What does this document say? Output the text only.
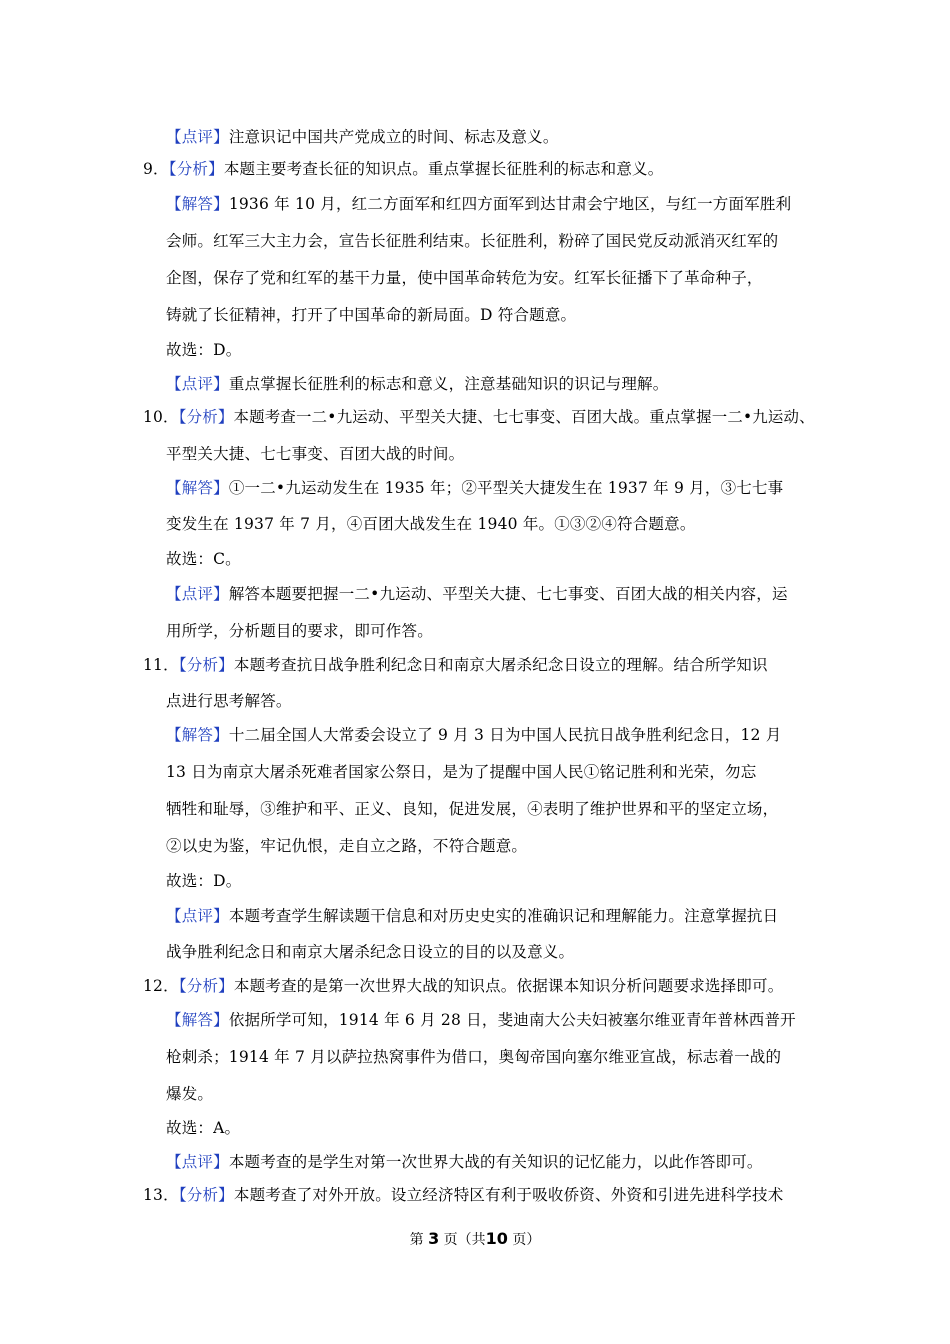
【点评】注意识记中国共产党成立的时间、标志及意义。
9．【分析】本题主要考查长征的知识点。重点掌握长征胜利的标志和意义。
【解答】1936 年 10 月，红二方面军和红四方面军到达甘肃会宁地区，与红一方面军胜利
会师。红军三大主力会，宣告长征胜利结束。长征胜利，粉碎了国民党反动派消灭红军的
企图，保存了党和红军的基干力量，使中国革命转危为安。红军长征播下了革命种子，
铸就了长征精神，打开了中国革命的新局面。D 符合题意。
故选：D。
【点评】重点掌握长征胜利的标志和意义，注意基础知识的识记与理解。
10．【分析】本题考查一二•九运动、平型关大捷、七七事变、百团大战。重点掌握一二•九运动、
平型关大捷、七七事变、百团大战的时间。
【解答】①一二•九运动发生在 1935 年；②平型关大捷发生在 1937 年 9 月，③七七事
变发生在 1937 年 7 月，④百团大战发生在 1940 年。①③②④符合题意。
故选：C。
【点评】解答本题要把握一二•九运动、平型关大捷、七七事变、百团大战的相关内容，运
用所学，分析题目的要求，即可作答。
11．【分析】本题考查抗日战争胜利纪念日和南京大屠杀纪念日设立的理解。结合所学知识
点进行思考解答。
【解答】十二届全国人大常委会设立了 9 月 3 日为中国人民抗日战争胜利纪念日，12 月
13 日为南京大屠杀死难者国家公祭日，是为了提醒中国人民①铭记胜利和光荣，勿忘
牺牲和耻辱，③维护和平、正义、良知，促进发展，④表明了维护世界和平的坚定立场，
②以史为鉴，牢记仇恨，走自立之路，不符合题意。
故选：D。
【点评】本题考查学生解读题干信息和对历史史实的准确识记和理解能力。注意掌握抗日
战争胜利纪念日和南京大屠杀纪念日设立的目的以及意义。
12．【分析】本题考查的是第一次世界大战的知识点。依据课本知识分析问题要求选择即可。
【解答】依据所学可知，1914 年 6 月 28 日，斐迪南大公夫妇被塞尔维亚青年普林西普开
枪刺杀；1914 年 7 月以萨拉热窝事件为借口，奥匈帝国向塞尔维亚宣战，标志着一战的
爆发。
故选：A。
【点评】本题考查的是学生对第一次世界大战的有关知识的记忆能力，以此作答即可。
13．【分析】本题考查了对外开放。设立经济特区有利于吸收侨资、外资和引进先进科学技术
第 3 页（共10 页）
